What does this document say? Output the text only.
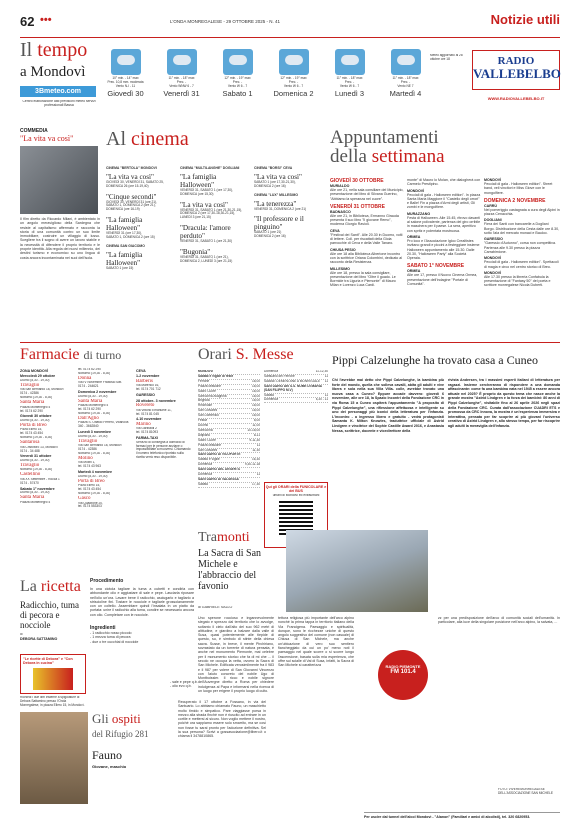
62 •••	L'ONDA MONREGALESE - 29 OTTOBRE 2025 - N. 41	Notizie utili
Il tempo
a Mondovì
3Bmeteo.com
Centro elaborazione dati previsioni meteo servizi professionali Bassa
10° min. - 14° max
Prec. 10,8 mm. moderata
Vento N-I - 11
Giovedì 30
11° min. - 18° max
Prec. -
Vento WNW 6 - 7
Venerdì 31
12° min. - 19° max
Prec. -
Vento W 6 - 7
Sabato 1
12° min. - 19° max
Prec. -
Vento W 6 - 7
Domenica 2
11° min. - 18° max
Prec. -
Vento W 6 - 7
Lunedì 3
11° min. - 18° max
Prec. -
Vento NE 7
Martedì 4
Meteo aggiornato al 28 ottobre ore 18	RADIO
VALLEBELBO
WWW.RADIOVALLEBELBO.IT
COMMEDIA
"La vita va così"
Il film diretto da Riccardo Milani, è ambientato in un angolo meraviglioso della Sardegna che resiste al capitalismo affermato e racconta la storia di una comunità contro un suo limite immobiliare, costruire un villaggio di lusso. Scegliere tra il sogno di avere un lavoro stabile e la necessità di difendere il proprio territorio e le proprie identità. Alla regola dei nuovi millennio, dei destini turismo e economico su uno lingua di costa ancora incontaminata nei suoi dell'isola.
Al cinema
CINEMA "BERTOLA" MONDOVI
"La vita va così"
GIOVEDÌ 30, VENERDÌ 31, SABATO 25,
DOMENICA 26 (ore 15-19,40)
"Cinque secondi"
GIOVEDÌ 30, VENERDÌ 31 (ore 21),
SABATO 1, DOMENICA 2 (ore 21),
DOMENICA (ore 16-19)
"La famiglia Halloween"
VENERDÌ 31 (ore 17,30),
SABATO 1, DOMENICA 2 (ore 15)
CINEMA SAN GIACOMO
"La famiglia Halloween"
SABATO 1 (ore 15)
CINEMA "MULTILANGHE" DOGLIANI
"La famiglia Halloween"
VENERDÌ 31, SABATO 1 (ore 17,30),
DOMENICA (ore 15,30)
"La vita va così"
VENERDÌ 31, SABATO 1 (ore 21,30-21,15),
DOMENICA 2 (ore 17,30-18,30-21,15),
LUNEDÌ 3 (ore 21,15)
"Dracula: l'amore perduto"
VENERDÌ 31, SABATO 1 (ore 21,30)
"Bugonia"
VENERDÌ 31, SABATO 1 (ore 21),
DOMENICA 2, LUNEDÌ 3 (ore 21,15)
CINEMA "BORSI" CEVA
"La vita va così"
SABATO 1 (ore 17,30-21,30),
DOMENICA 2 (ore 16)
CINEMA "LUX" MILLESIMO
"La tenerezza"
VENERDÌ 31, DOMENICA 2 (ore 21)
"Il professore e il pinguino"
SABATO 1 (ore 21)
DOMENICA 2 (ore 16)
Appuntamenti
della settimana
GIOVEDÌ 30 OTTOBRE
MURIALDO
Alle ore 21, nella sala consiliare del Municipio, presentazione del libro di Silvana Guerino, "Abbiamo la speranza nel cuore".
VENERDÌ 31 OTTOBRE
BADNASCO
Alle ore 21, in Biblioteca, Ermanno Girauda presenta il suo libro "Il giovane Remo", moderna Giorgio Ravioli.
CEVA
"Festival dei Santi". Alle 20.30 in Duomo, volti di lettere. Coll. per riscattati della Gioia parrocchie di Ceva e della Valle Tanaro.
CHIUSA PESIO
Alle ore 18 alla Biblioteca Alberione incontro con la scrittrice Oriana Colombini, dedicato al racconto della Resistenza.
MILLESIMO
Alle ore 18, presso la sala consigliare, presentazione del libro "Oltre il guado. Le Bormide tra Liguria e Piemonte" di Mauro Milan e Lorenzo Luca Cardi.
monte" di Mauro lo Molan, che dialogherà con Carmelo Prestipino.
MONDOVÌ
Pecciali di gala - Halloween edition". In piazza Santa Maria Maggiore il "Castello degli orrori" e Balle! Fin a piazza d'Armi degli artisti, Gli zombi e le mongolfiere.
MURAZZANO
Festa di Halloween. Alle 15.45, ritrovo davanti al salone polivalente, partenza del giro orribile in maschera per il paese. La sera, aperitivo con spritz e polentata mostruosa.
ORMEA
Pro loco e l'Associazione Igloo Crealtistes invitano grandi e piccini a festeggiare insieme Halloween appuntamento alle 15.30. Dalle 20.30, "Halloween Party" alla Società Operaia.
SABATO 1° NOVEMBRE
ORMEA
Alle ore 17, presso il Nuovo Cinema Ormea, presentazione dell'indagine "Portale di Comunità".
MONDOVÌ
Pecciali di gala - Halloween edition". Street band, veli vincitori e Miss Giove con le mongolfiere.
DOMENICA 2 NOVEMBRE
CARRÙ
Nel pomeriggio castagnata a cura degli Alpini in piazza Cenacchia.
DOGLIANI
Fiera dei Santi con bancarelle a Dogliani Borgo. Distribuzione della Cesta dalle ore 8.30, sotto l'ala del mercato monaci e Bauloo.
GARESSIO
"Garessio d'Autunno", corsa non competitiva. Partenza alle 9.30 presso la piazza Carrabimione.
MONDOVÌ
Pecciali di gala - Halloween edition". Spettacoli di magia e circo nel centro storico di Breo.
MONDOVÌ
Alle 17.30 presso la libreria Confabula la presentazione di "Fantasy 50" del poeta e scrittore monregalese Nicola Duberti.
Farmacie di turno
ZONA MONDOVÌ
Mercoledì 29 ottobre
Diurno (8,30 - 19,30)
Travaglio
Via San Bernardo 18, Mondovì
0174 - 42386
Notturno (19,30 - 8,30)
Santa Maria
Piazza Montenegro 4
tel. 0174 62 290
Giovedì 30 ottobre
Diurno (8,30 - 19,30)
Porta di Breo
Pizza Ellero 15,
tel. 0174 43 454
Notturno (19,30 - 8,30)
Santarosa
Via Cristoforo 13, Mondovì
0174 - 34 488
Venerdì 31 ottobre
Diurno (8,30 - 19,30)
Travaglio
Notturno (19,30 - 8,30)
Castellino
Via XX Settembre - Rocca 1
0174 - 57470
Sabato 1° novembre
Diurno (8,30 - 19,30)
Santa Maria
Piazza Montenegro 4
tel. 0174 62 290
Notturno (19,30 - 8,30)
Donna
Via IV Novembre Frabosa Sott.
0174 - 244621
Domenica 2 novembre
Diurno (8,30 - 19,30)
Santa Maria
Piazza Montenegro 4
tel. 0174 62 290
Notturno (19,30 - 8,30)
Dall'Aglio
Piazza S. Ottavio Ferrero, Villanova
340 - 3662840
Lunedì 3 novembre
Diurno (8,30 - 19,30)
Travaglio
Via San Bernardo 18, Mondovì
0174 - 42386
Notturno (19,30 - 8,30)
Molino
Via Molini 1,
tel. 0174 43 963
Martedì 4 novembre
Diurno (8,30 - 19,30)
Porta di Breo
Pizza Ellero 15,
tel. 0174 43 454
Notturno (19,30 - 8,30)
Gasco
Via Quadrone 20,
tel. 0174 553303
CEVA
1-2 novembre
Barberis
Via Marenco 16,
tel. 0174 701 712
GARESSIO
28 ottobre- 3 novembre
Rovereto
Via Vittorio Emanuele 11,
tel. 0174 81 045
4-10 novembre
Marino
Via Garibaldi 2
tel. 0174 81093
FARMA-TAXI
Servizio di consegna a domicilio di farmaci per le persone anziane o impossibilitate a muoversi. Chiamando il numero telefonico riportato sulla ricetta verrà reso disponibile.
Orari S. Messe
MONDOVÌ
Sabato e vigilie di feste
Ferrone	18,00
Piazza Missione	18,00
Sacro Cuore	18,00
Sant'Anna Avagnina	18,00
Brignola	18,00
Rinchiuse	18,00
San Giovanni	18,00
San Domenico	18,00
Festivi	8,00
Duomo	11,00
Sant'Anna	10-18,00
Altipiano	8-11
Sacro Cuore	9-11,30
Piazza Missione	11
San Giovanni	11,30
SANTUARIO DI VICOFORTE
Sabato e vigilie	16,30
Domenica	9,30-11-18
SANTUARIO DEL DESERTO
Domenica	11
SANTUARIO DI VALSESSA
Sabato	17,30
Domenica	11-12,30
Santuario del Ferrone	11
SABBIE DEMENTANE A MONREGALE 11
SANTUARIO DEI S.S. NOME DI MARIA (SAN FILIPPO M.V)
Sabato	11
Domenica	8,30 - 11
Qui gli ORARI della FUNICOLARE e dei BUS
urbani di Mondovì ed extraurbani
Pippi Calzelunghe ha trovato casa a Cuneo
Chi l'avrebbe mai detto che Pippi Calzelunghe, la bambina più forte del mondo, quella che solleva cavalli, abita gli adulti e vive libera e sola nella sua Villa Villa- colle, avrebbe trovato una nuova casa a Cuneo? Eppure accade davvero: giovedì 6 novembre, alle ore 18, la Spazio Incontri della Fondazione CRC in via Roma 15 a Cuneo ospiterà l'appuntamento "A proposito di Pippi Calzelunghe", una riflessione affettuosa e intelligente su uno dei personaggi più iconici della letteratura per l'infanzia. L'incontro - a ingresso libero e gratuito - vedrà protagonisti Samanta K. Milton Knowles, traduttrice ufficiale di Astrid Lindgren e vincitrice del Sophie Castille Award 2016, e Anastasia Nessa, scrittrice, docente e vicedirettore della
rivista Andersen, tra i massimi esperti italiani di letteratura per ragazzi. Insieme cercheranno di rispondere a una domanda affascinante: come fa una bambina nata nel 1945 a essere ancora attuale nel 2025? È proprio da questo tema che nasce anche la grande mostra "Astrid Lindgren e la forza dei bambini: 80 anni di Pippi Calzelunghe", visitabile fino al 26 aprile 2026 negli spazi della Fondazione CRC. Curata dall'associazione CUADRI ETS e promossa da CRC Innova, la mostra è un'esperienza immersiva e interattiva, pensata per far scoprire ai più giovani l'universo creativo di Astrid Lindgren e, allo stesso tempo, per far riscoprire agli adulti la meraviglia dell'infanzia.
Tramonti
La Sacra di San Michele e l'abbraccio del favonio
di GABRIELE SALLO
Uno sperone roccioso e ingannevolmente slegato e sprezzo dal territorio che lo avvolge, soltanto il cielo dall'alto del suo 962 metri di altitudine, e giardino a balzare dalla valle di Susa, quasi potentemente alle tiepide di questo, su, è simbolo di stinte della chiesa sacra. Susse, in breve, il mente Pirchiriano, sovrastato da un torrente di natura pensata, è anche nel monumento Piemonte, mai celebre per il monumento storico che fa di mi che ... il secolo ne occupa la vetta, ovvero la Sacra di San Michele. Edificata verosimilmente fra il 983 e il 987 per volere di San Giovanni Vincenzo con l'aiuto concreto del nobile Ugo di Montboissier. Il ricco e nobile signore dell'Auvergne diretto a Roma per chiedere indulgenza al Papa e informarsi nella ricerca di un luogo per erigere il proprio luogo di culto.
tettura religiosa più importante dell'arco alpino nonché la prima tappa in territorio italiano della Via Francigena. Paesaggio e spiritualità, dunque, sono le ricchezze uniche di questo angolo suggestivo del comune (non casuale) di Chiusa di San Michele, ma anche un'ubicazione di vero suo sentiero fiancheggiato da cui un po' meno noti il paesaggio nel quale scorre o si scorre lungo l'ascensione, basata sulla mia esperienza, che offre sul scialle di Val di Susa, infatti, la Sacra di San Michele si caratterizza	RADIO PIEMONTE
FM 101.4
zz per una predisposizione dell'arco di comunità sociali dell'umanità. In particolare, alla luce della singolare posizione nell'arco alpino, la salvata, ...
FOTO: VIVEREMONREGALESE DELL'ASSOCIAZIONE SAN MICHELE
La ricetta
Radicchio, tuma di pecora e nocciole
di
DEBORA SATTAMINO
"Le ricette di Debora" e "Con Debora in cucina"
Richiedi i due libri insieme a spigolature di Debora Sattamino presso l'Onda Monregalese, in piazza Ellero 15, in Mondovì.
Procedimento
In una ciotola tagliare la tuma a cubetti e condirla con abbondante olio e aggiustare di sale e pepe. Lasciarla riposare nell'olio un'ora. Lavare bene il radicchio, asciugarlo e tagliarlo a striscioline fini. Tostare le nocciole e tagliarle grossolanamente con un coltello. Assemblare quindi l'insalata in un piatto da portata: unire il radicchio alla tuma, condire se necessario ancora con olio. Completare con le nocciole.
Ingredienti
- 1 radicchio rosso piccolo
- 1 mezza tuma di pecora
- due o tre cucchiai di nocciole
- sale e pepe q.b.
- olio evo q.b.
Gli ospiti
del Rifugio 281
Fauno
Giovane, maschio
Recuperato il 17 ottobre a Fossano, in via del Santuario. Lo abbiamo chiamato Fauno, un maschietto molto timido e simpatico. Pare viaggiasse porsa in mezzo alla strada finchè non è riuscito ad entrare in un cortile e mettersi al sicuro. Non voglio mettere il nostro, poiché ora sappiamo essere solo smarrito, ma se così non fosse tu sarai pronto per l'adozione definitiva. Sei la sua persona? Scrivi a gossasociazione@libero.it o chiama il 3478810865.
Per uscire dal tunnel dell'alcol Mondovì - "Alanon" (Familiari e amici di alcolisti), tel. 320 6820953.
